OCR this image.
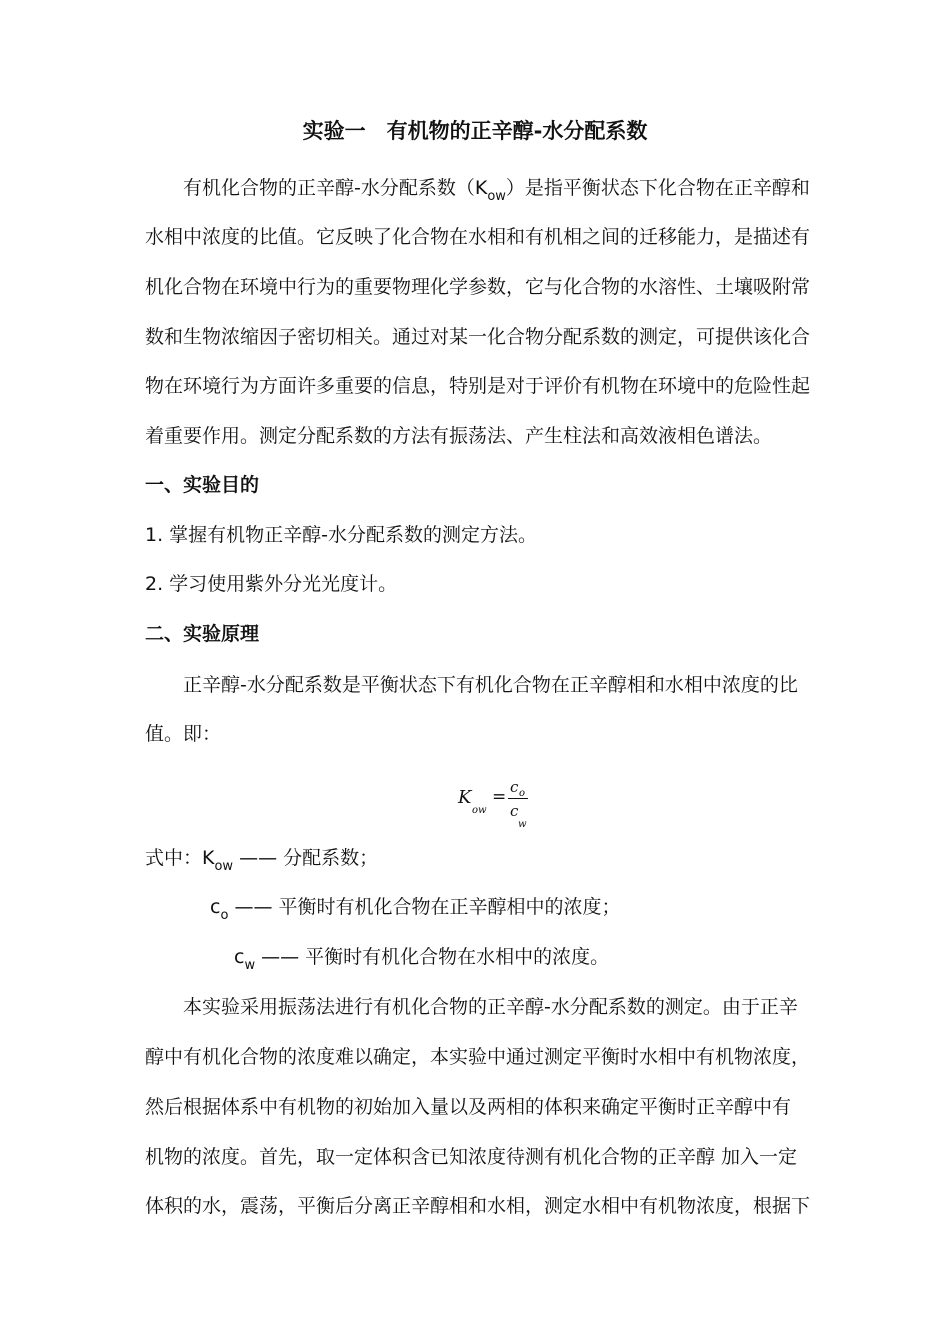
实验一　有机物的正辛醇-水分配系数
有机化合物的正辛醇-水分配系数$(K_{ow})$是指平衡状态下化合物在正辛醇和
水相中浓度的比值。它反映了化合物在水相和有机相之间的迁移能力，是描述有
机化合物在环境中行为的重要物理化学参数，它与化合物的水溶性、土壤吸附常
数和生物浓缩因子密切相关。通过对某一化合物分配系数的测定，可提供该化合
物在环境行为方面许多重要的信息，特别是对于评价有机物在环境中的危险性起
着重要作用。测定分配系数的方法有振荡法、产生柱法和高效液相色谱法。
一、实验目的
1. 掌握有机物正辛醇-水分配系数的测定方法。
2. 学习使用紫外分光光度计。
二、实验原理
正辛醇-水分配系数是平衡状态下有机化合物在正辛醇相和水相中浓度的比
值。即：
K
ow
= c o
c
w
式中：$K_{ow}$ —— 分配系数；
$c_o$ —— 平衡时有机化合物在正辛醇相中的浓度；
$c_w$ —— 平衡时有机化合物在水相中的浓度。
本实验采用振荡法进行有机化合物的正辛醇-水分配系数的测定。由于正辛
醇中有机化合物的浓度难以确定，本实验中通过测定平衡时水相中有机物浓度，
然后根据体系中有机物的初始加入量以及两相的体积来确定平衡时正辛醇中有
机物的浓度。首先，取一定体积含已知浓度待测有机化合物的正辛醇 加入一定
体积的水，震荡，平衡后分离正辛醇相和水相，测定水相中有机物浓度，根据下
